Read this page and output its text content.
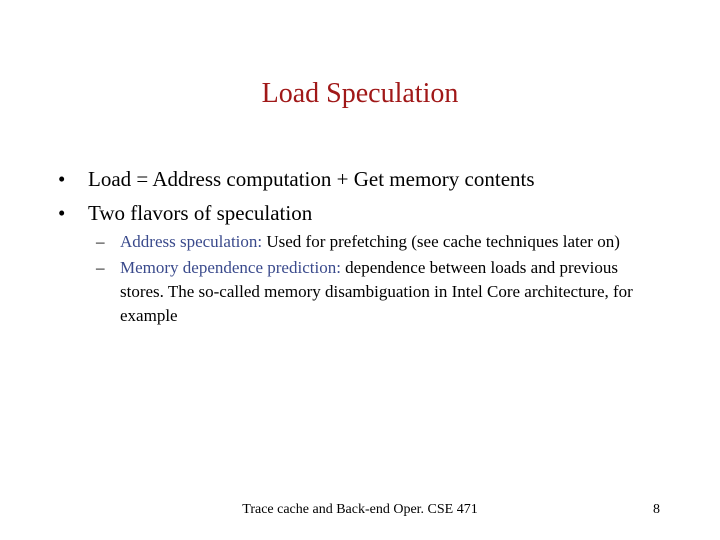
Load Speculation
• Load = Address computation + Get memory contents
• Two flavors of speculation
– Address speculation: Used for prefetching (see cache techniques later on)
– Memory dependence prediction: dependence between loads and previous stores. The so-called memory disambiguation in Intel Core architecture, for example
Trace cache and Back-end Oper. CSE 471	8
